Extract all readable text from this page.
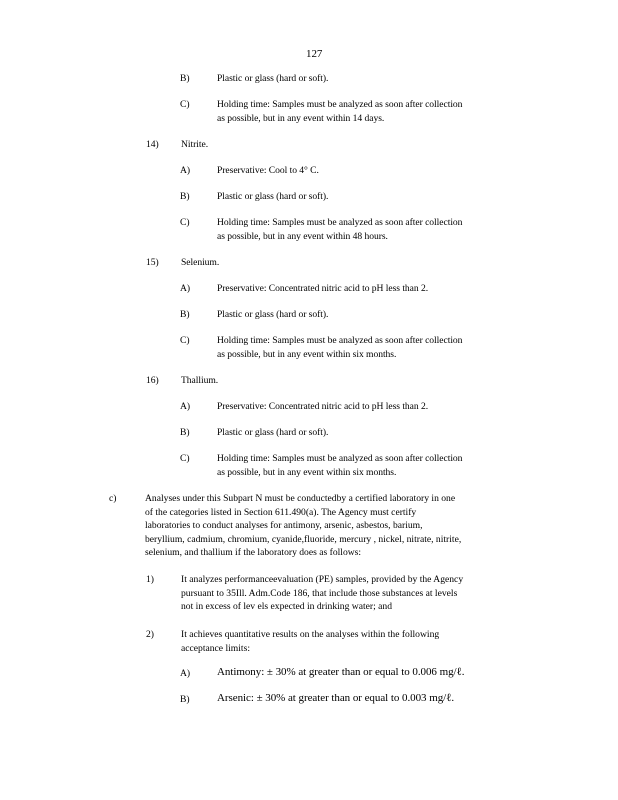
127
B)	Plastic or glass (hard or soft).
C)	Holding time: Samples must be analyzed as soon after collection
as possible, but in any event within 14 days.
14) Nitrite.
A)	Preservative: Cool to 4° C.
B)	Plastic or glass (hard or soft).
C)	Holding time: Samples must be analyzed as soon after collection
as possible, but in any event within 48 hours.
15) Selenium.
A)	Preservative: Concentrated nitric acid to pH less than 2.
B)	Plastic or glass (hard or soft).
C)	Holding time: Samples must be analyzed as soon after collection
as possible, but in any event within six months.
16) Thallium.
A)	Preservative: Concentrated nitric acid to pH less than 2.
B)	Plastic or glass (hard or soft).
C)	Holding time: Samples must be analyzed as soon after collection
as possible, but in any event within six months.
c)	Analyses under this Subpart N must be conductedby a certified laboratory in one
of the categories listed in Section 611.490(a). The Agency must certify
laboratories to conduct analyses for antimony, arsenic, asbestos, barium,
beryllium, cadmium, chromium, cyanide,fluoride, mercury , nickel, nitrate, nitrite,
selenium, and thallium if the laboratory does as follows:
1)	It analyzes performanceevaluation (PE) samples, provided by the Agency
pursuant to 35Ill. Adm.Code 186, that include those substances at levels
not in excess of lev els expected in drinking water; and
2)	It achieves quantitative results on the analyses within the following
acceptance limits:
A) Antimony: ± 30% at greater than or equal to 0.006 mg/ℓ.
B)	Arsenic: ± 30% at greater than or equal to 0.003 mg/ℓ.
